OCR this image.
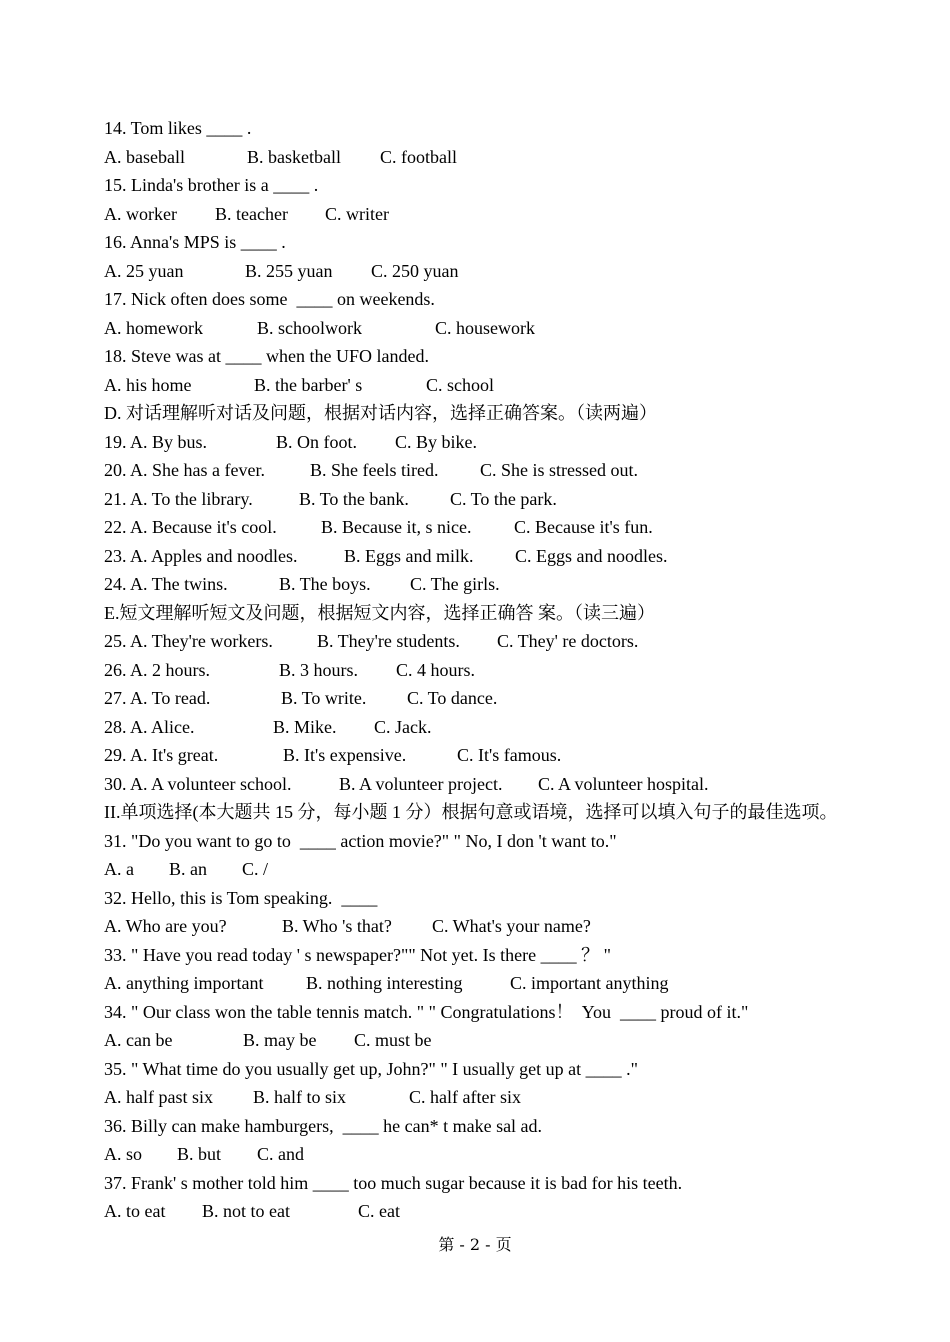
14. Tom likes ____ .
A. baseball	B. basketball C. football
15. Linda's brother is a ____ .
A. worker B. teacher C. writer
16. Anna's MPS is ____ .
A. 25 yuan	B. 255 yuan C. 250 yuan
17. Nick often does some  ____ on weekends.
A. homework	B. schoolwork	C. housework
18. Steve was at ____ when the UFO landed.
A. his home	B. the barber' s	C. school
D. 对话理解听对话及问题，根据对话内容，选择正确答案。（读两遍）
19. A. By bus.	B. On foot. C. By bike.
20. A. She has a fever.	B. She feels tired. C. She is stressed out.
21. A. To the library.	B. To the bank. C. To the park.
22. A. Because it's cool. B. Because it, s nice. C. Because it's fun.
23. A. Apples and noodles.	B. Eggs and milk. C. Eggs and noodles.
24. A. The twins.	B. The boys. C. The girls.
E.短文理解听短文及问题，根据短文内容，选择正确答 案。（读三遍）
25. A. They're workers. B. They're students. C. They' re doctors.
26. A. 2 hours.	B. 3 hours. C. 4 hours.
27. A. To read.	B. To write. C. To dance.
28. A. Alice.	B. Mike. C. Jack.
29. A. It's great.	B. It's expensive.	C. It's famous.
30. A. A volunteer school.	B. A volunteer project. C. A volunteer hospital.
II.单项选择(本大题共 15 分，每小题 1 分）根据句意或语境，选择可以填入句子的最佳选项。
31. "Do you want to go to  ____ action movie?" " No, I don 't want to."
A. a B. an C. /
32. Hello, this is Tom speaking.  ____
A. Who are you?	B. Who 's that? C. What's your name?
33. " Have you read today ' s newspaper?"" Not yet. Is there ____ ？ "
A. anything important B. nothing interesting	C. important anything
34. " Our class won the table tennis match. " " Congratulations！  You  ____ proud of it."
A. can be	B. may be C. must be
35. " What time do you usually get up, John?" " I usually get up at ____ ."
A. half past six B. half to six	C. half after six
36. Billy can make hamburgers,  ____ he can* t make sal ad.
A. so B. but C. and
37. Frank' s mother told him ____ too much sugar because it is bad for his teeth.
A. to eat B. not to eat	C. eat
第 - 2 - 页
